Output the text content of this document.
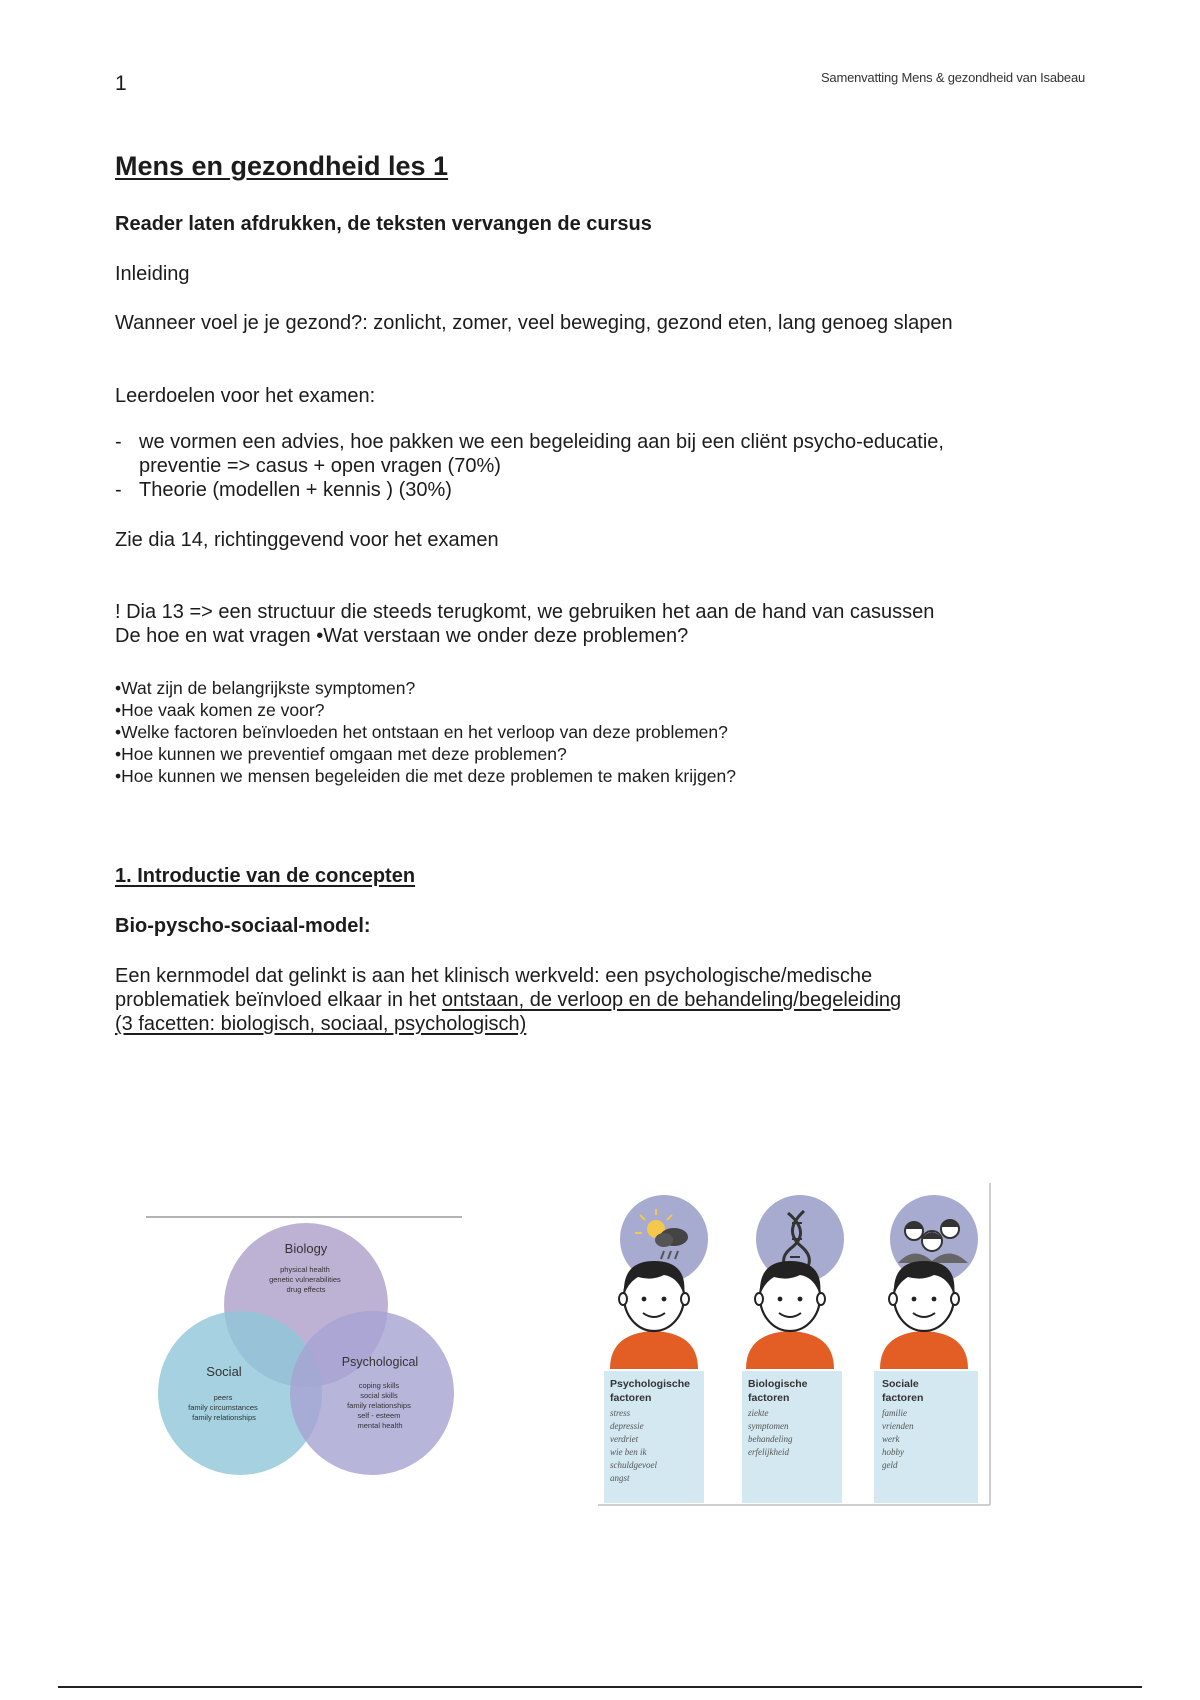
1	Samenvatting Mens & gezondheid van Isabeau
Mens en gezondheid les 1

Reader laten afdrukken, de teksten vervangen de cursus

Inleiding

Wanneer voel je je gezond?: zonlicht, zomer, veel beweging, gezond eten, lang genoeg slapen

Leerdoelen voor het examen:

- we vormen een advies, hoe pakken we een begeleiding aan bij een cliënt psycho-educatie,
preventie => casus + open vragen (70%)
- Theorie (modellen + kennis ) (30%)

Zie dia 14, richtinggevend voor het examen

! Dia 13 => een structuur die steeds terugkomt, we gebruiken het aan de hand van casussen

De hoe en wat vragen •Wat verstaan we onder deze problemen?

•Wat zijn de belangrijkste symptomen?
•Hoe vaak komen ze voor?
•Welke factoren beïnvloeden het ontstaan en het verloop van deze problemen?
•Hoe kunnen we preventief omgaan met deze problemen?
•Hoe kunnen we mensen begeleiden die met deze problemen te maken krijgen?

1. Introductie van de concepten

Bio-pyscho-sociaal-model:

Een kernmodel dat gelinkt is aan het klinisch werkveld: een psychologische/medische
problematiek beïnvloed elkaar in het ontstaan, de verloop en de behandeling/begeleiding
(3 facetten: biologisch, sociaal, psychologisch)
Biology
physical health genetic vulnerabilities drug effects
Social
peers family circumstances family relationships
Psychological
coping skills social skills family relationships self - esteem mental health
Psychologische factoren
stress depressie verdriet wie ben ik schuldgevoel angst
Biologische factoren
ziekte symptomen behandeling erfelijkheid
Sociale factoren
familie vrienden werk hobby geld
